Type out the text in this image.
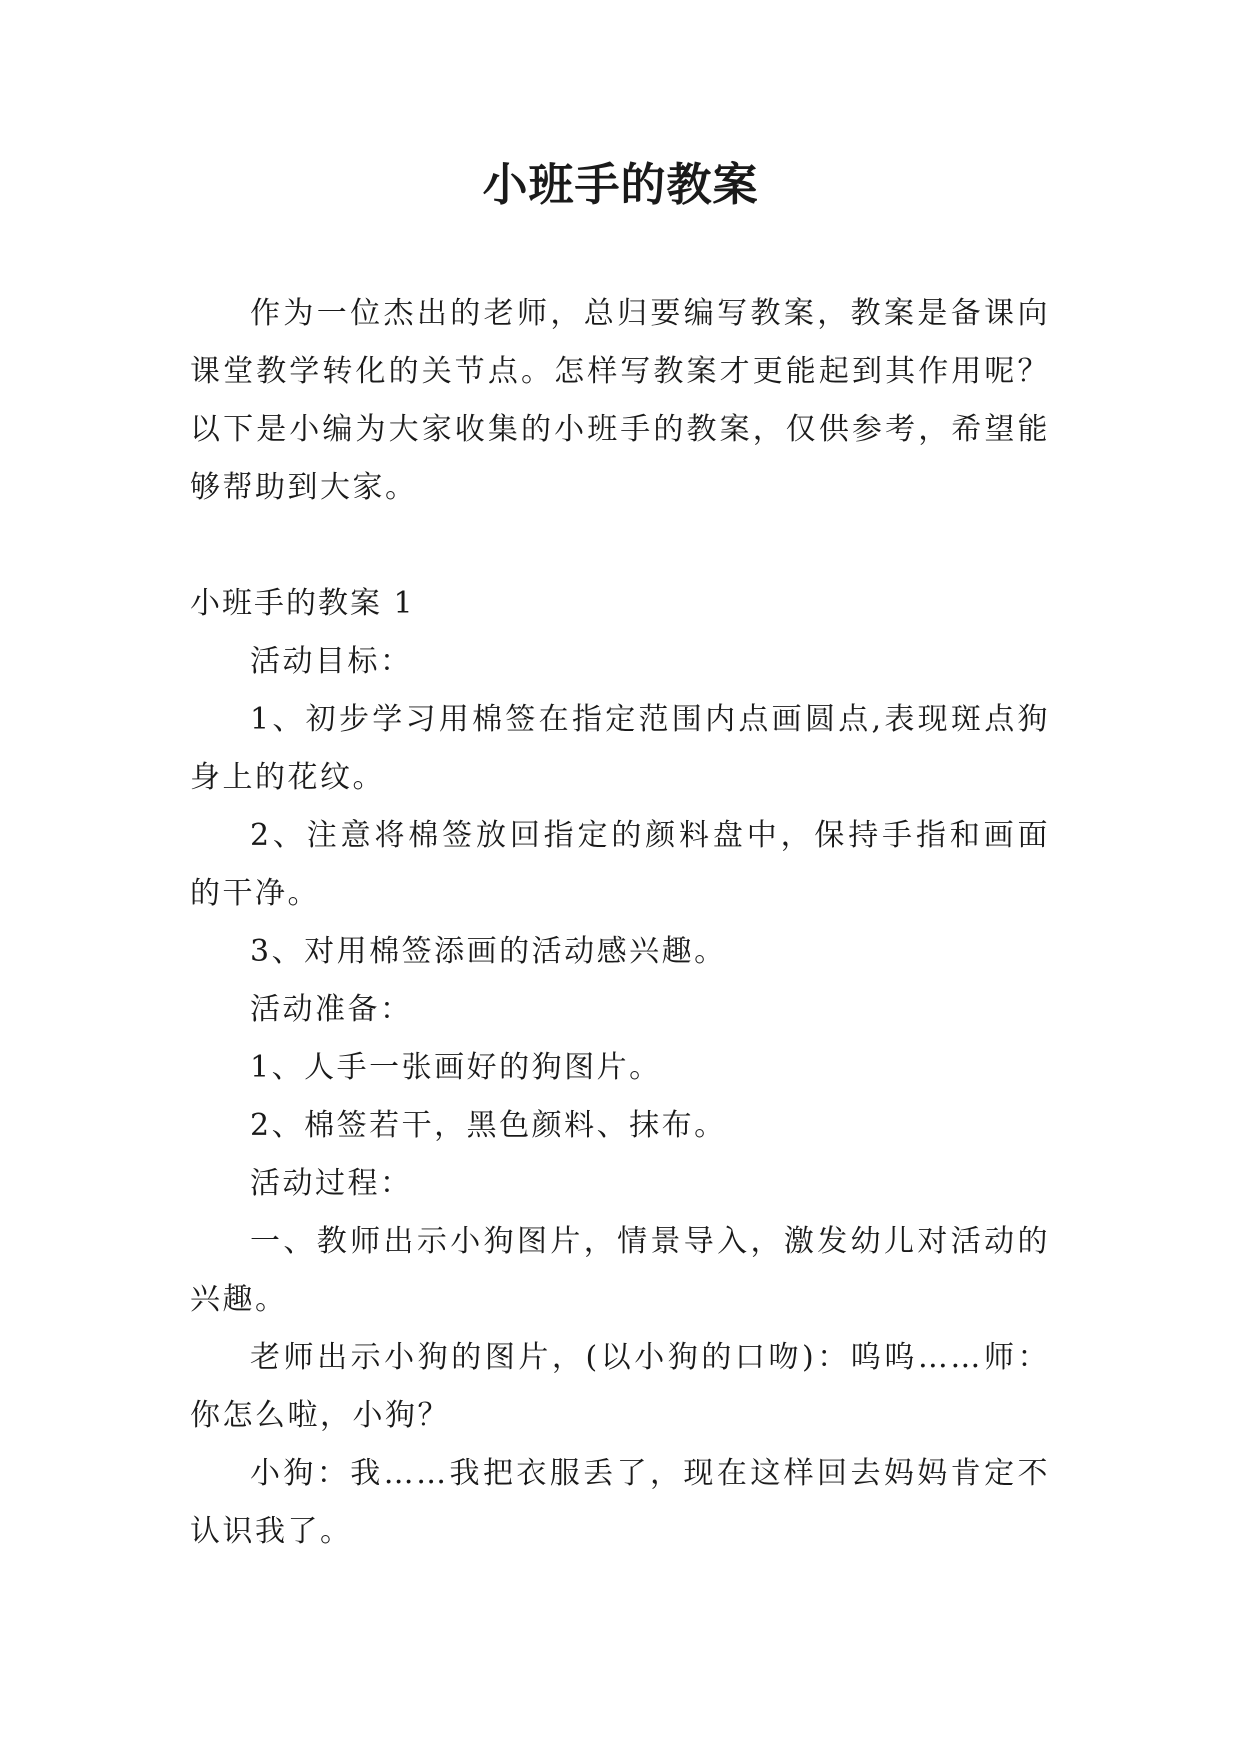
小班手的教案

作为一位杰出的老师，总归要编写教案，教案是备课向课堂教学转化的关节点。怎样写教案才更能起到其作用呢？以下是小编为大家收集的小班手的教案，仅供参考，希望能够帮助到大家。

小班手的教案 1

活动目标：

1、初步学习用棉签在指定范围内点画圆点,表现斑点狗身上的花纹。

2、注意将棉签放回指定的颜料盘中，保持手指和画面的干净。

3、对用棉签添画的活动感兴趣。

活动准备：

1、人手一张画好的狗图片。

2、棉签若干，黑色颜料、抹布。

活动过程：

一、教师出示小狗图片，情景导入，激发幼儿对活动的兴趣。

老师出示小狗的图片，(以小狗的口吻)：呜呜……师：你怎么啦，小狗？

小狗：我……我把衣服丢了，现在这样回去妈妈肯定不认识我了。
